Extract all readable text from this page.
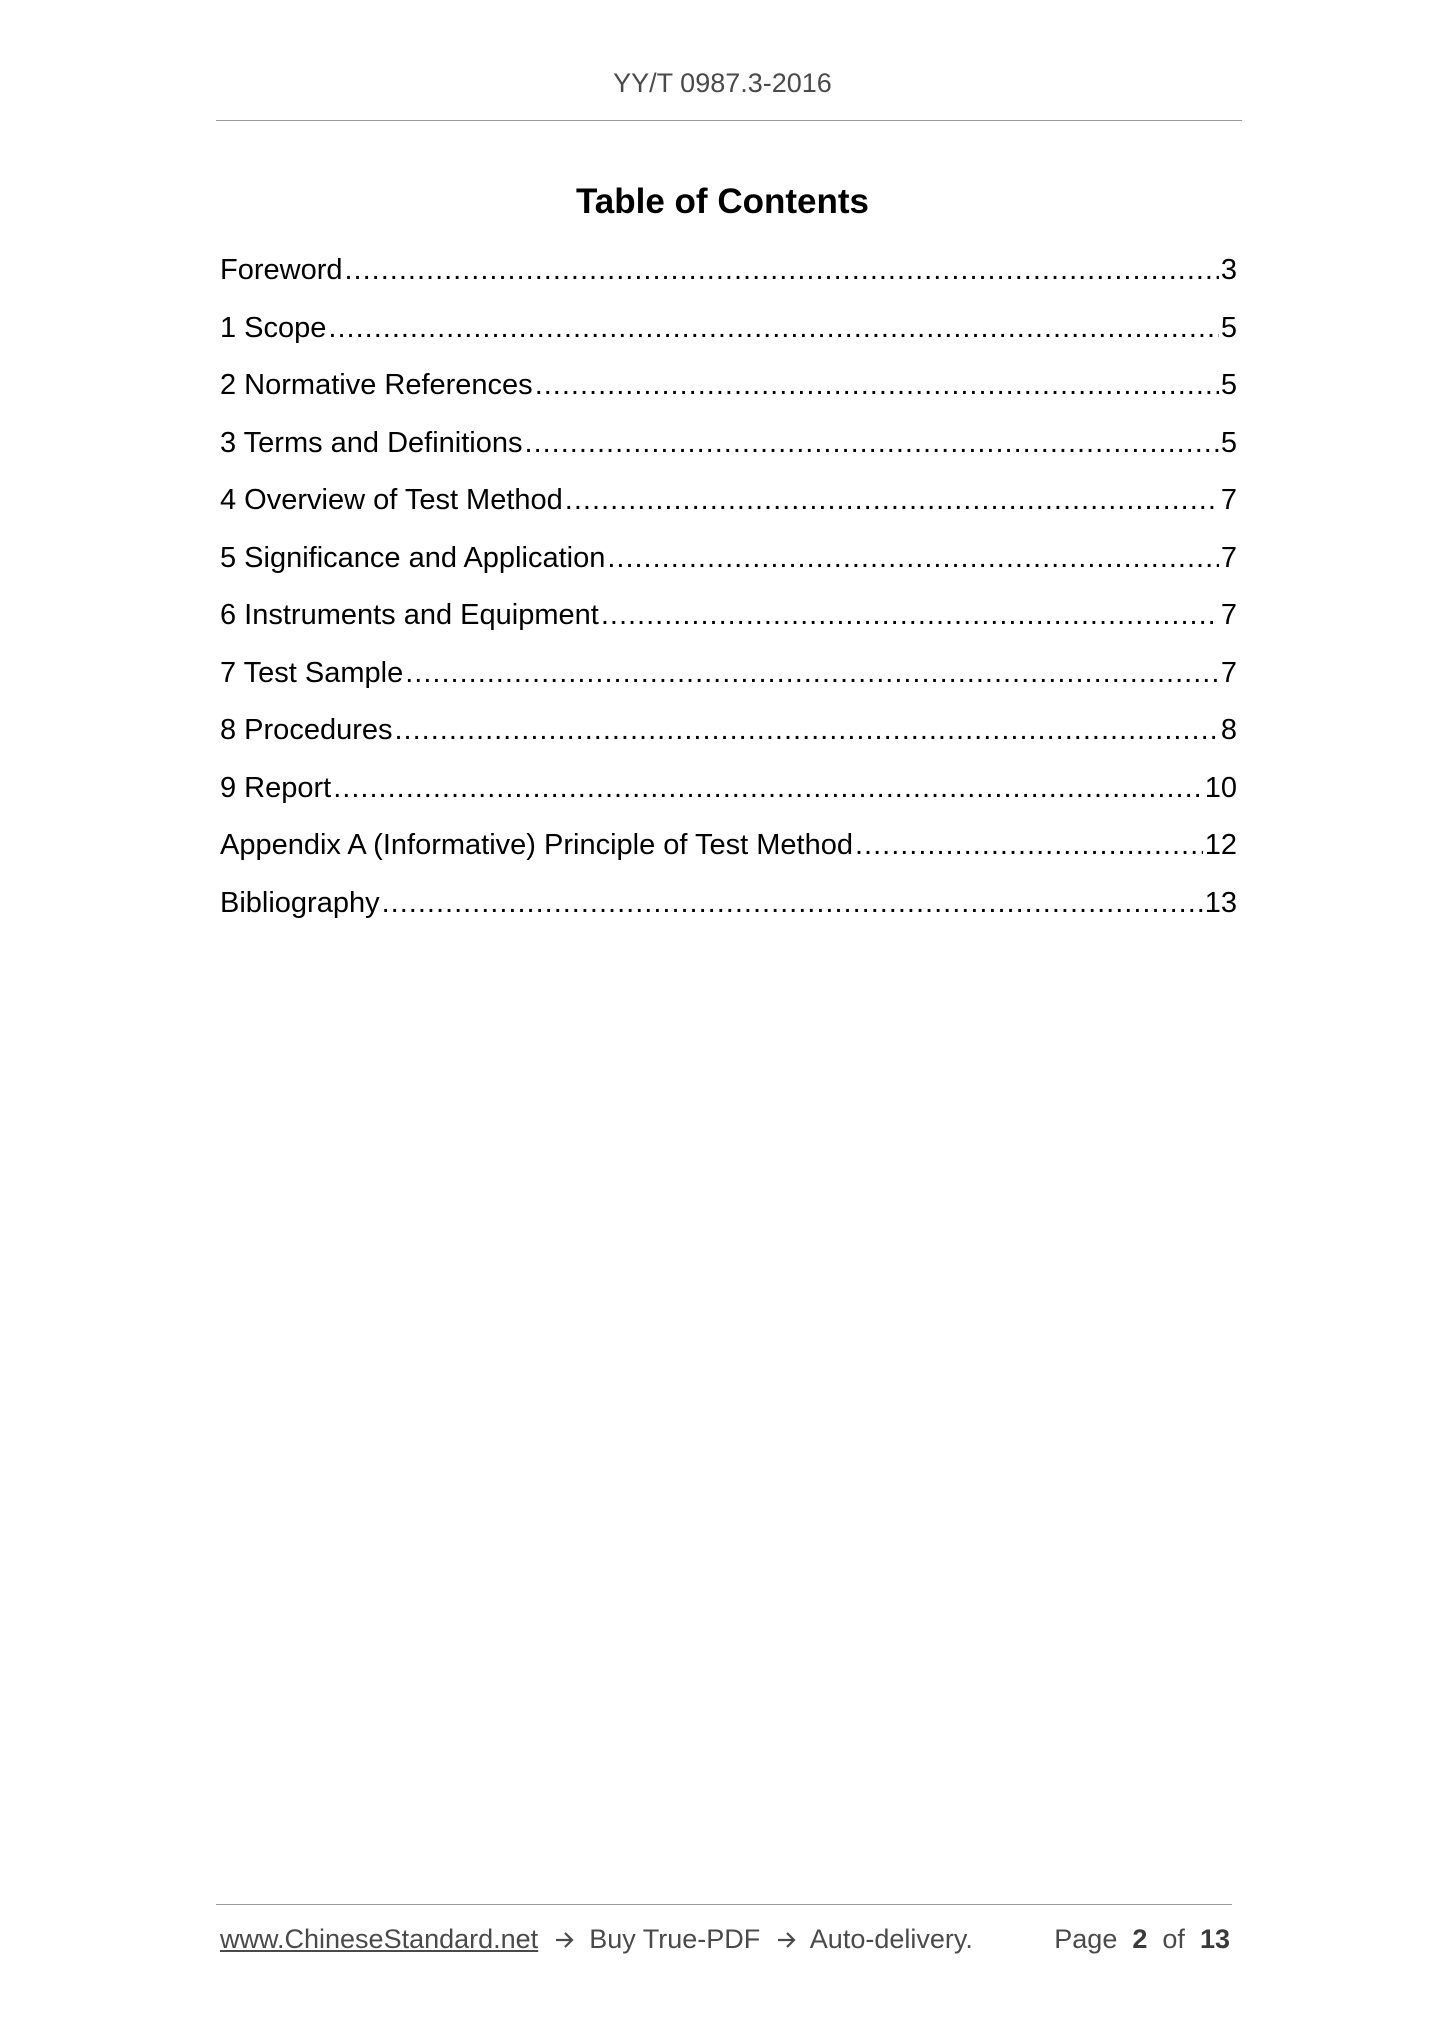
YY/T 0987.3-2016
Table of Contents
Foreword .....	3
1 Scope .....	5
2 Normative References .....	5
3 Terms and Definitions .....	5
4 Overview of Test Method .....	7
5 Significance and Application .....	7
6 Instruments and Equipment .....	7
7 Test Sample .....	7
8 Procedures .....	8
9 Report .....	10
Appendix A (Informative) Principle of Test Method .....	12
Bibliography .....	13
www.ChineseStandard.net Buy True-PDF Auto-delivery.	Page 2 of 13
